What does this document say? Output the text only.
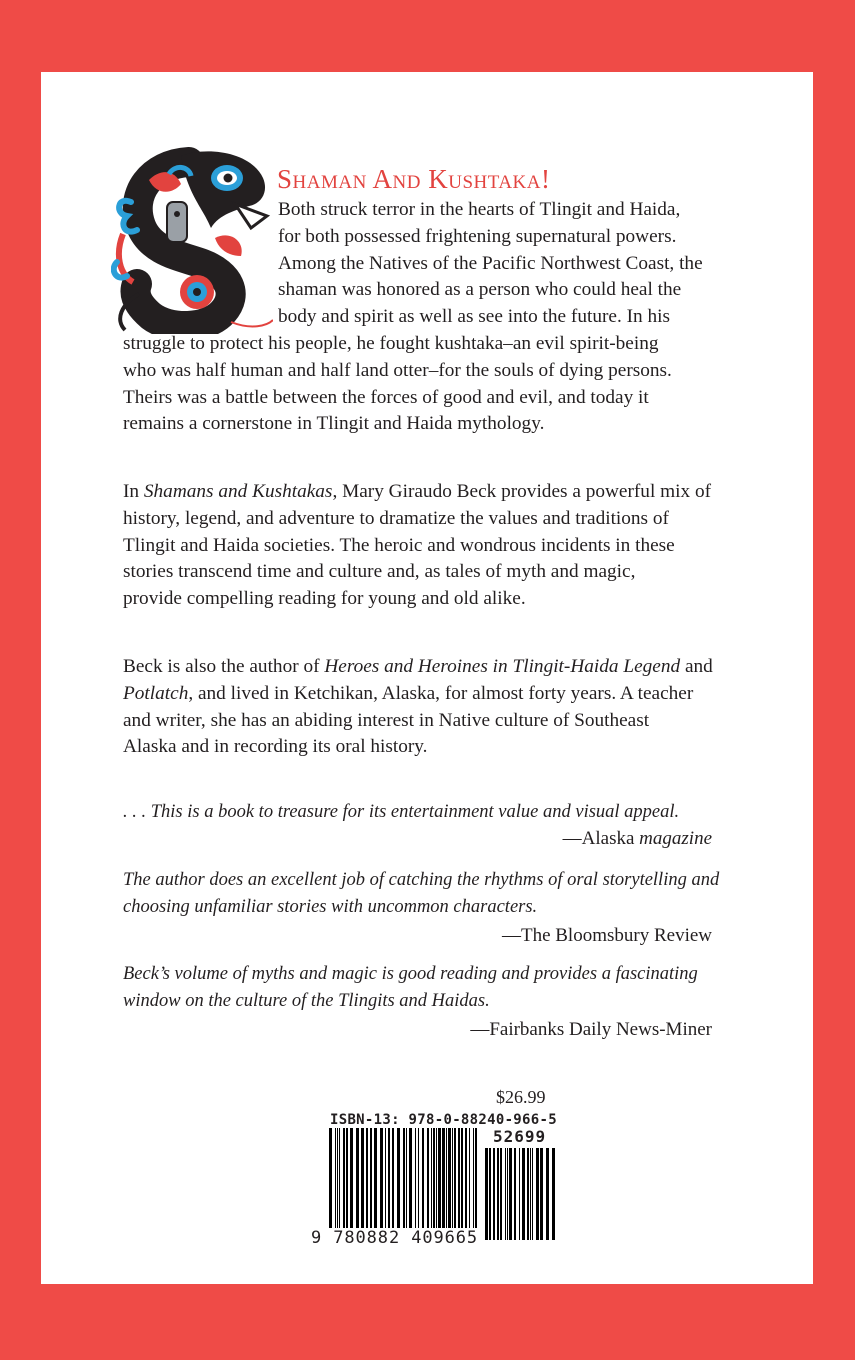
Shaman And Kushtaka!

Both struck terror in the hearts of Tlingit and Haida,

for both possessed frightening supernatural powers.

Among the Natives of the Pacific Northwest Coast, the

shaman was honored as a person who could heal the

body and spirit as well as see into the future. In his

struggle to protect his people, he fought kushtaka–an evil spirit-being

who was half human and half land otter–for the souls of dying persons.

Theirs was a battle between the forces of good and evil, and today it

remains a cornerstone in Tlingit and Haida mythology.

In Shamans and Kushtakas, Mary Giraudo Beck provides a powerful mix of

history, legend, and adventure to dramatize the values and traditions of

Tlingit and Haida societies. The heroic and wondrous incidents in these

stories transcend time and culture and, as tales of myth and magic,

provide compelling reading for young and old alike.

Beck is also the author of Heroes and Heroines in Tlingit-Haida Legend and

Potlatch, and lived in Ketchikan, Alaska, for almost forty years. A teacher

and writer, she has an abiding interest in Native culture of Southeast

Alaska and in recording its oral history.

. . . This is a book to treasure for its entertainment value and visual appeal.

—Alaska magazine

The author does an excellent job of catching the rhythms of oral storytelling and

choosing unfamiliar stories with uncommon characters.

—The Bloomsbury Review

Beck’s volume of myths and magic is good reading and provides a fascinating

window on the culture of the Tlingits and Haidas.

—Fairbanks Daily News-Miner

$26.99
ISBN-13: 978-0-88240-966-5
52699
9 780882 409665
